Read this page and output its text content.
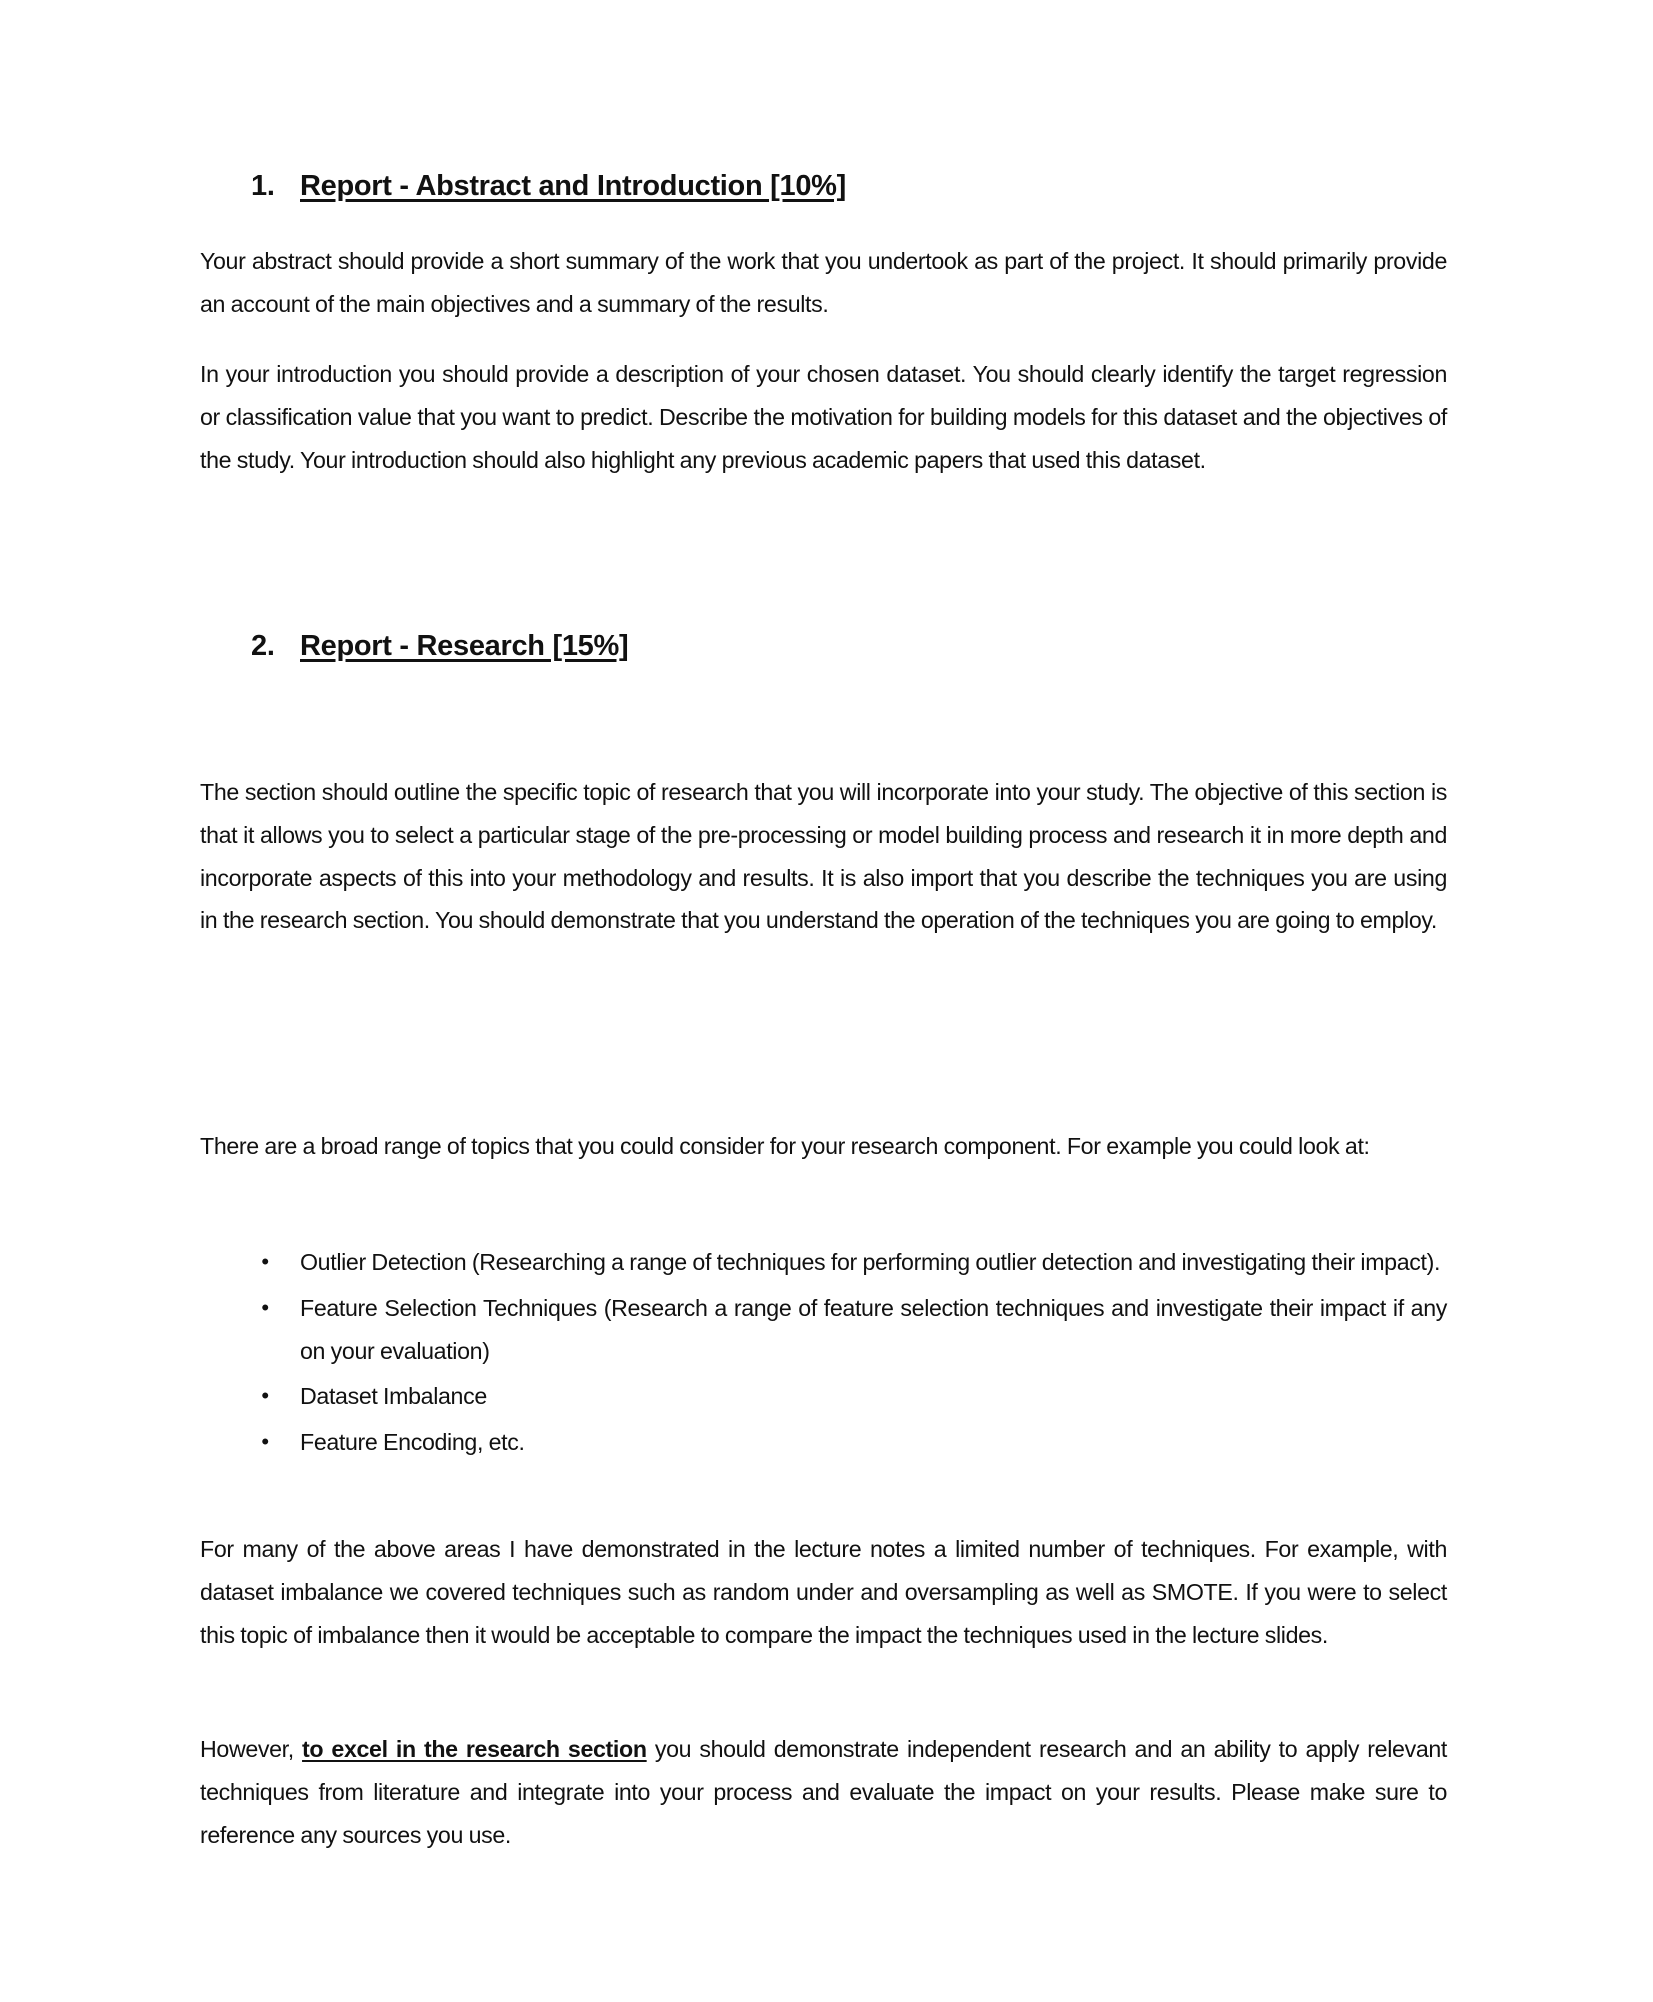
1. Report - Abstract and Introduction [10%]

Your abstract should provide a short summary of the work that you undertook as part of the project. It should primarily provide an account of the main objectives and a summary of the results.

In your introduction you should provide a description of your chosen dataset. You should clearly identify the target regression or classification value that you want to predict. Describe the motivation for building models for this dataset and the objectives of the study. Your introduction should also highlight any previous academic papers that used this dataset.

2. Report - Research [15%]

The section should outline the specific topic of research that you will incorporate into your study. The objective of this section is that it allows you to select a particular stage of the pre-processing or model building process and research it in more depth and incorporate aspects of this into your methodology and results. It is also import that you describe the techniques you are using in the research section. You should demonstrate that you understand the operation of the techniques you are going to employ.

There are a broad range of topics that you could consider for your research component. For example you could look at:

• Outlier Detection (Researching a range of techniques for performing outlier detection and investigating their impact).
• Feature Selection Techniques (Research a range of feature selection techniques and investigate their impact if any on your evaluation)
• Dataset Imbalance
• Feature Encoding, etc.

For many of the above areas I have demonstrated in the lecture notes a limited number of techniques. For example, with dataset imbalance we covered techniques such as random under and oversampling as well as SMOTE. If you were to select this topic of imbalance then it would be acceptable to compare the impact the techniques used in the lecture slides.

However, to excel in the research section you should demonstrate independent research and an ability to apply relevant techniques from literature and integrate into your process and evaluate the impact on your results. Please make sure to reference any sources you use.
